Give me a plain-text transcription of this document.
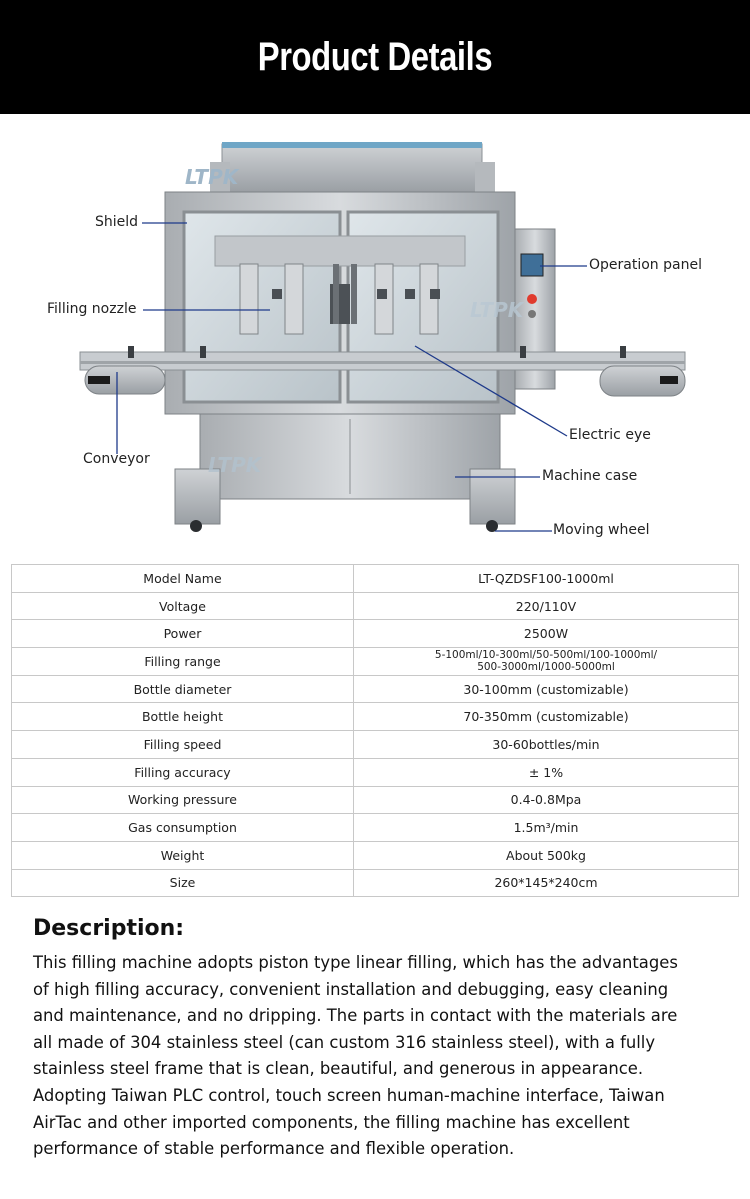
Product Details
LTPK
LTPK
LTPK
Shield
Filling nozzle
Conveyor
Operation panel
Electric eye
Machine case
Moving wheel
Model Name	LT-QZDSF100-1000ml
Voltage	220/110V
Power	2500W
Filling range	5-100ml/10-300ml/50-500ml/100-1000ml/
500-3000ml/1000-5000ml

Bottle diameter	30-100mm (customizable)
Bottle height	70-350mm (customizable)
Filling speed	30-60bottles/min
Filling accuracy	± 1%
Working pressure	0.4-0.8Mpa
Gas consumption	1.5m³/min
Weight	About 500kg
Size	260*145*240cm
Description:
This filling machine adopts piston type linear filling, which has the advantages
of high filling accuracy, convenient installation and debugging, easy cleaning
and maintenance, and no dripping. The parts in contact with the materials are
all made of 304 stainless steel (can custom 316 stainless steel), with a fully
stainless steel frame that is clean, beautiful, and generous in appearance.
Adopting Taiwan PLC control, touch screen human-machine interface, Taiwan
AirTac and other imported components, the filling machine has excellent
performance of stable performance and flexible operation.
